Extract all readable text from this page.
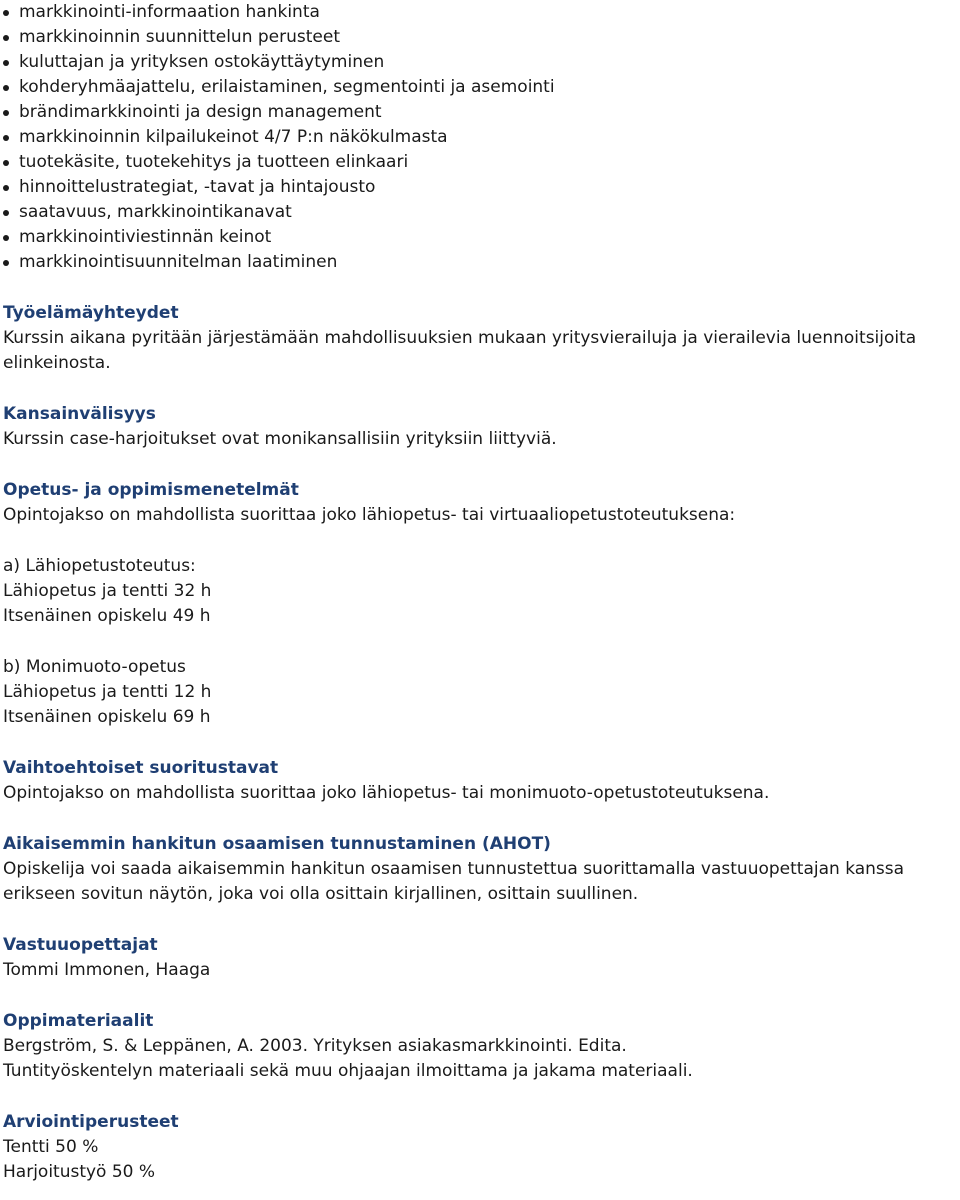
markkinointi-informaation hankinta
markkinoinnin suunnittelun perusteet
kuluttajan ja yrityksen ostokäyttäytyminen
kohderyhmäajattelu, erilaistaminen, segmentointi ja asemointi
brändimarkkinointi ja design management
markkinoinnin kilpailukeinot 4/7 P:n näkökulmasta
tuotekäsite, tuotekehitys ja tuotteen elinkaari
hinnoittelustrategiat, -tavat ja hintajousto
saatavuus, markkinointikanavat
markkinointiviestinnän keinot
markkinointisuunnitelman laatiminen
Työelämäyhteydet
Kurssin aikana pyritään järjestämään mahdollisuuksien mukaan yritysvierailuja ja vierailevia luennoitsijoita
elinkeinosta.
Kansainvälisyys
Kurssin case-harjoitukset ovat monikansallisiin yrityksiin liittyviä.
Opetus- ja oppimismenetelmät
Opintojakso on mahdollista suorittaa joko lähiopetus- tai virtuaaliopetustoteutuksena:
a) Lähiopetustoteutus:
Lähiopetus ja tentti 32 h
Itsenäinen opiskelu 49 h
b) Monimuoto-opetus
Lähiopetus ja tentti 12 h
Itsenäinen opiskelu 69 h
Vaihtoehtoiset suoritustavat
Opintojakso on mahdollista suorittaa joko lähiopetus- tai monimuoto-opetustoteutuksena.
Aikaisemmin hankitun osaamisen tunnustaminen (AHOT)
Opiskelija voi saada aikaisemmin hankitun osaamisen tunnustettua suorittamalla vastuuopettajan kanssa
erikseen sovitun näytön, joka voi olla osittain kirjallinen, osittain suullinen.
Vastuuopettajat
Tommi Immonen, Haaga
Oppimateriaalit
Bergström, S. & Leppänen, A. 2003. Yrityksen asiakasmarkkinointi. Edita.
Tuntityöskentelyn materiaali sekä muu ohjaajan ilmoittama ja jakama materiaali.
Arviointiperusteet
Tentti 50 %
Harjoitustyö 50 %
